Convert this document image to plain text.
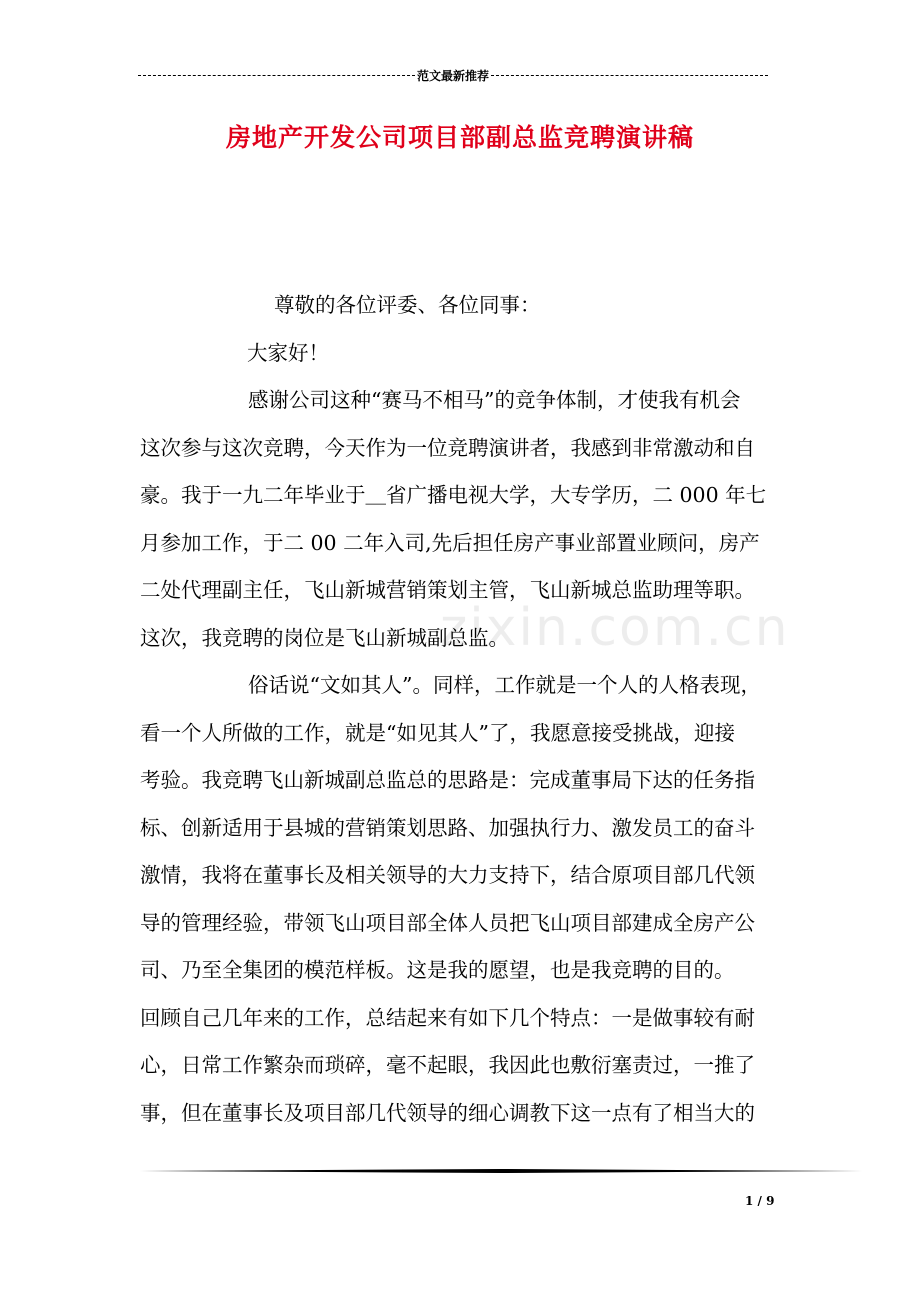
范文最新推荐
房地产开发公司项目部副总监竞聘演讲稿
zixin.com.cn
尊敬的各位评委、各位同事：
大家好！
感谢公司这种“赛马不相马”的竞争体制，才使我有机会
这次参与这次竞聘，今天作为一位竞聘演讲者，我感到非常激动和自
豪。我于一九二年毕业于＿省广播电视大学，大专学历，二 000 年七
月参加工作，于二 00 二年入司,先后担任房产事业部置业顾问，房产
二处代理副主任，飞山新城营销策划主管，飞山新城总监助理等职。
这次，我竞聘的岗位是飞山新城副总监。
俗话说“文如其人”。同样，工作就是一个人的人格表现，
看一个人所做的工作，就是“如见其人”了，我愿意接受挑战，迎接
考验。我竞聘飞山新城副总监总的思路是：完成董事局下达的任务指
标、创新适用于县城的营销策划思路、加强执行力、激发员工的奋斗
激情，我将在董事长及相关领导的大力支持下，结合原项目部几代领
导的管理经验，带领飞山项目部全体人员把飞山项目部建成全房产公
司、乃至全集团的模范样板。这是我的愿望，也是我竞聘的目的。
回顾自己几年来的工作，总结起来有如下几个特点：一是做事较有耐
心，日常工作繁杂而琐碎，毫不起眼，我因此也敷衍塞责过，一推了
事，但在董事长及项目部几代领导的细心调教下这一点有了相当大的
1 / 9
